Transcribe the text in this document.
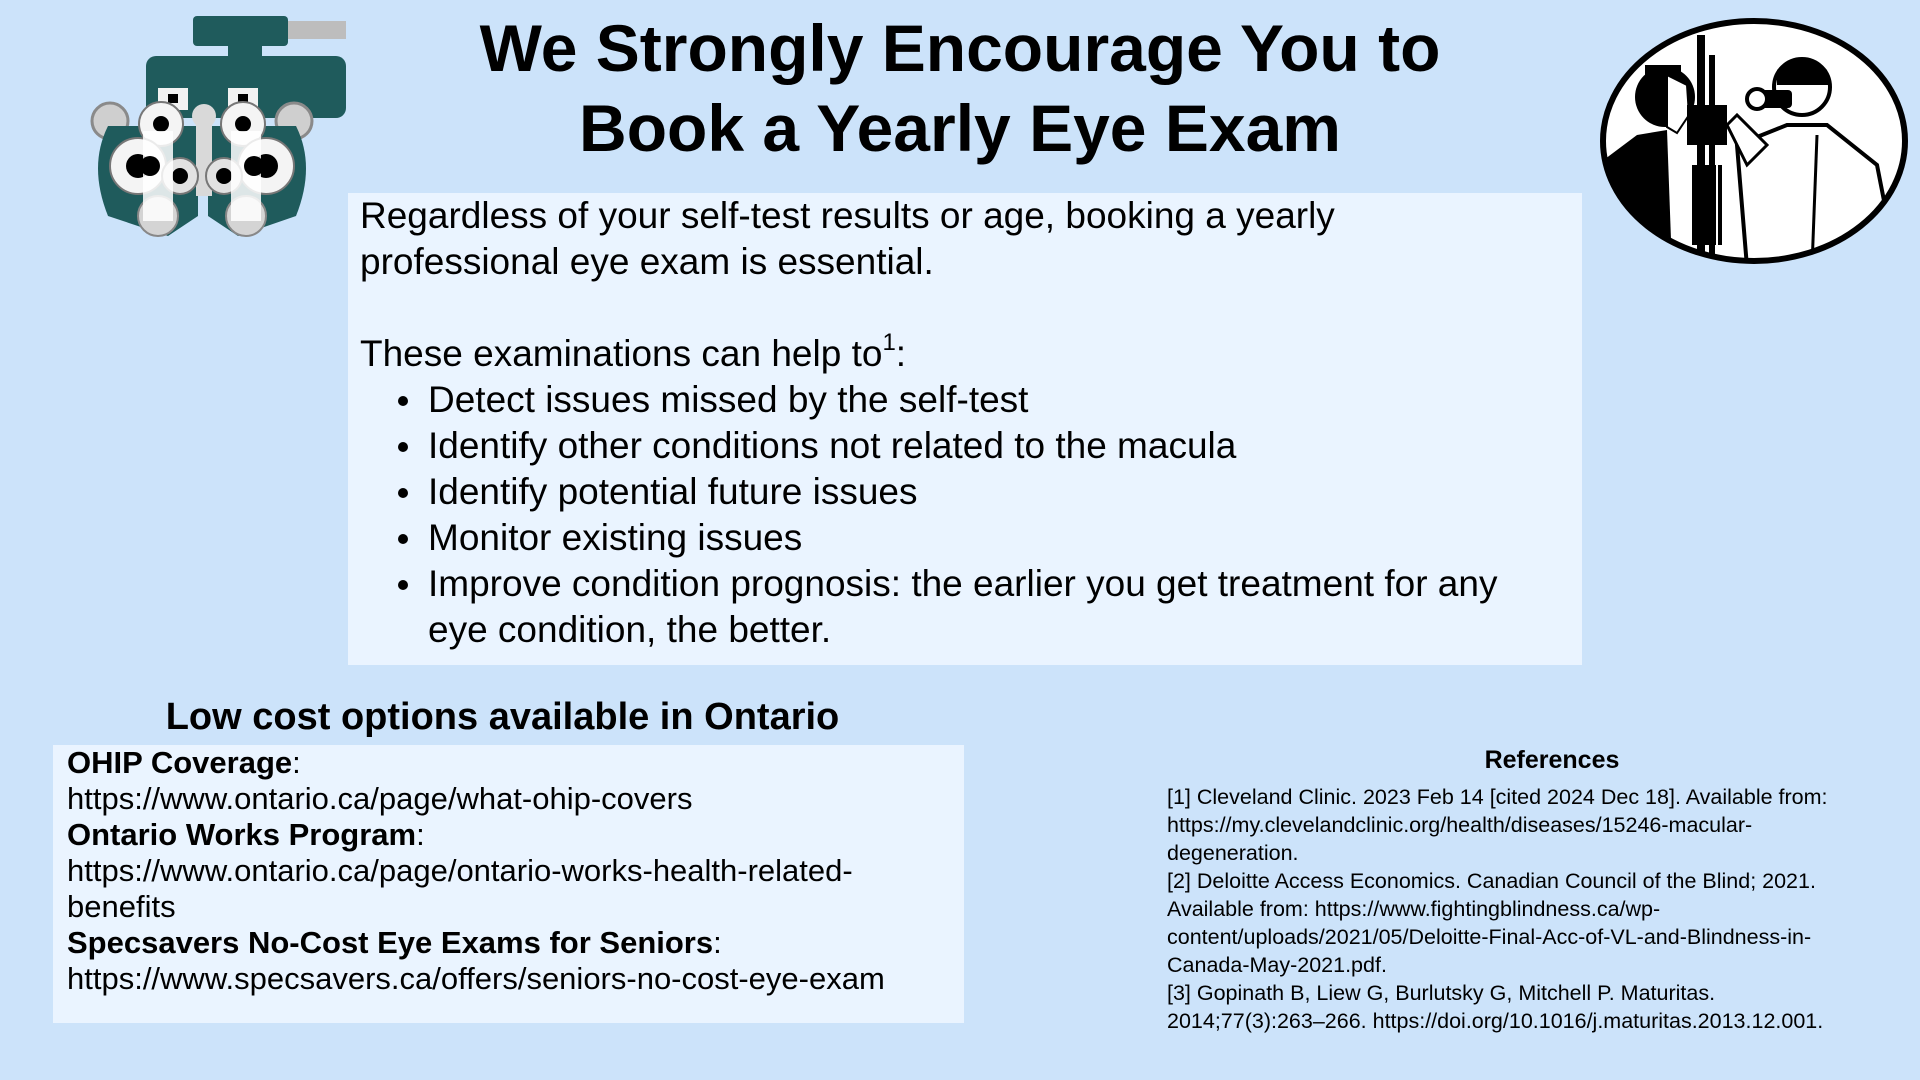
We Strongly Encourage You to
Book a Yearly Eye Exam

Regardless of your self-test results or age, booking a yearly

professional eye exam is essential.

These examinations can help $to^1$:

Detect issues missed by the self-test
Identify other conditions not related to the macula
Identify potential future issues
Monitor existing issues
Improve condition prognosis: the earlier you get treatment for any
eye condition, the better.
Low cost options available in Ontario

OHIP Coverage:

https://www.ontario.ca/page/what-ohip-covers

Ontario Works Program:

https://www.ontario.ca/page/ontario-works-health-related-

benefits

Specsavers No-Cost Eye Exams for Seniors:

https://www.specsavers.ca/offers/seniors-no-cost-eye-exam

References

[1] Cleveland Clinic. 2023 Feb 14 [cited 2024 Dec 18]. Available from:

https://my.clevelandclinic.org/health/diseases/15246-macular-

degeneration.

[2] Deloitte Access Economics. Canadian Council of the Blind; 2021.

Available from: https://www.fightingblindness.ca/wp-

content/uploads/2021/05/Deloitte-Final-Acc-of-VL-and-Blindness-in-

Canada-May-2021.pdf.

[3] Gopinath B, Liew G, Burlutsky G, Mitchell P. Maturitas.

2014;77(3):263–266. https://doi.org/10.1016/j.maturitas.2013.12.001.
